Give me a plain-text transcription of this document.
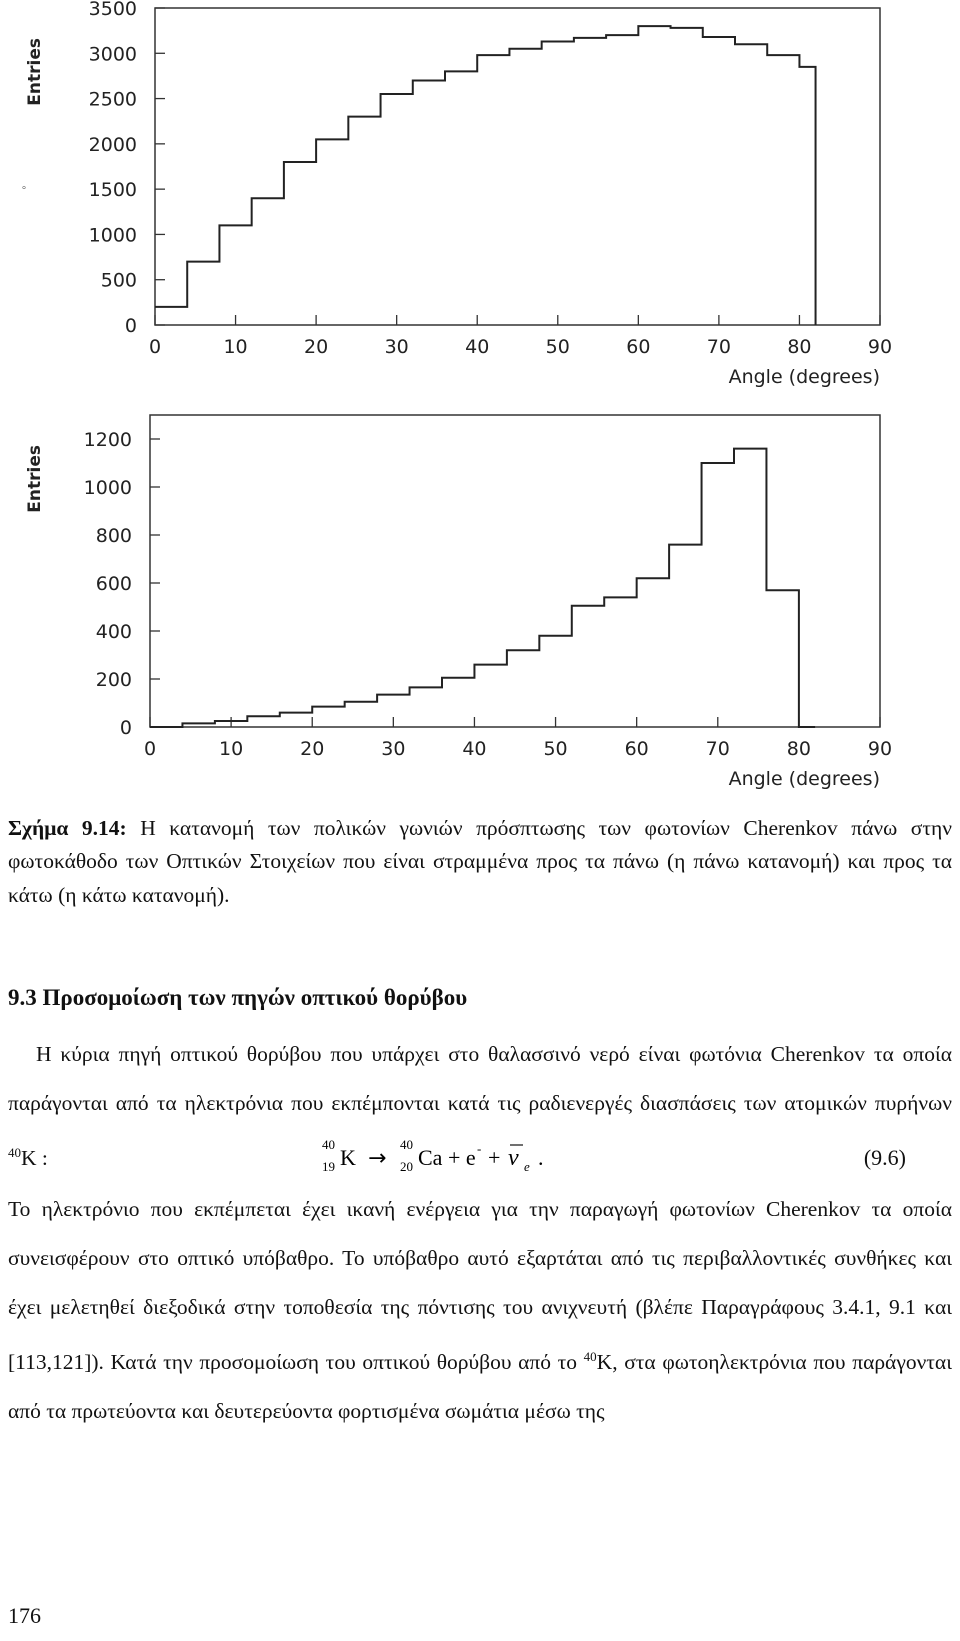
0	10	20	30	40	50	60	70	80	90
0
500
1000
1500
2000
2500
3000
3500
Angle (degrees)
Entries
°
0	10	20	30	40	50	60	70	80	90
0
200
400
800
600
1000
1200
Angle (degrees)
Entries
Σχήμα 9.14: Η κατανομή των πολικών γωνιών πρόσπτωσης των φωτονίων Cherenkov πάνω στην φωτοκάθοδο των Οπτικών Στοιχείων που είναι στραμμένα προς τα πάνω (η πάνω κατανομή) και προς τα κάτω (η κάτω κατανομή).
9.3 Προσομοίωση των πηγών οπτικού θορύβου

Η κύρια πηγή οπτικού θορύβου που υπάρχει στο θαλασσινό νερό είναι φωτόνια Cherenkov τα οποία παράγονται από τα ηλεκτρόνια που εκπέμπονται κατά τις ραδιενεργές διασπάσεις των ατομικών πυρήνων $^{40}$K :

40
19 K →
40
20 Ca + e - + ν e .	(9.6)

Το ηλεκτρόνιο που εκπέμπεται έχει ικανή ενέργεια για την παραγωγή φωτονίων Cherenkov τα οποία συνεισφέρουν στο οπτικό υπόβαθρο. Το υπόβαθρο αυτό εξαρτάται από τις περιβαλλοντικές συνθήκες και έχει μελετηθεί διεξοδικά στην τοποθεσία της πόντισης του ανιχνευτή (βλέπε Παραγράφους 3.4.1, 9.1 και [113,121]). Κατά την προσομοίωση του οπτικού θορύβου από το $^{40}$K, στα φωτοηλεκτρόνια που παράγονται από τα πρωτεύοντα και δευτερεύοντα φορτισμένα σωμάτια μέσω της

176
